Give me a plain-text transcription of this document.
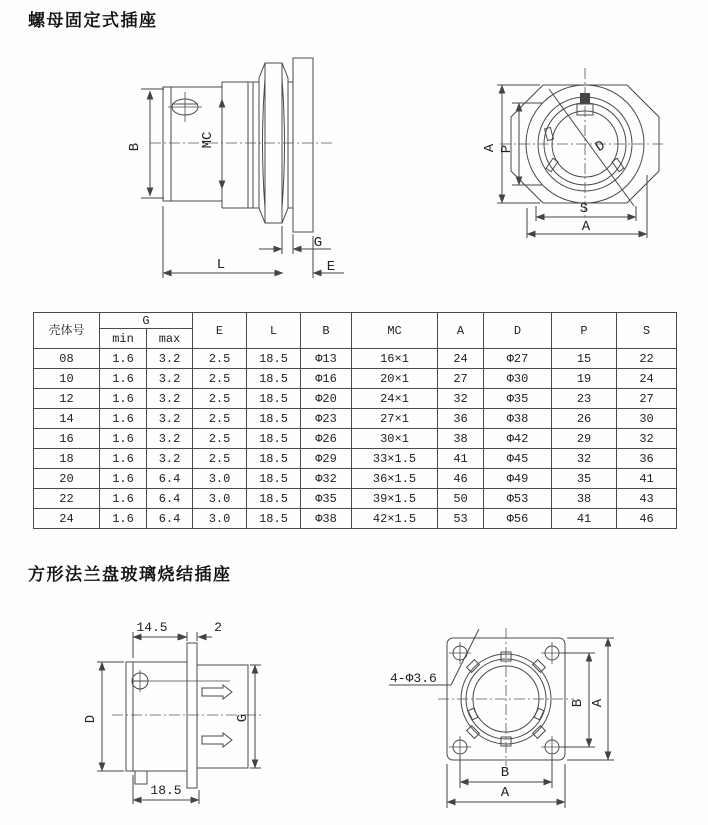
螺母固定式插座
B	MC
G
L	E
A P	D
S
A
壳体号	G		E	L	B	MC	A	D	P	S
	min	max								
08	1.6	3.2	2.5	18.5	Φ13	16×1	24	Φ27	15	22
10	1.6	3.2	2.5	18.5	Φ16	20×1	27	Φ30	19	24
12	1.6	3.2	2.5	18.5	Φ20	24×1	32	Φ35	23	27
14	1.6	3.2	2.5	18.5	Φ23	27×1	36	Φ38	26	30
16	1.6	3.2	2.5	18.5	Φ26	30×1	38	Φ42	29	32
18	1.6	3.2	2.5	18.5	Φ29	33×1.5	41	Φ45	32	36
20	1.6	6.4	3.0	18.5	Φ32	36×1.5	46	Φ49	35	41
22	1.6	6.4	3.0	18.5	Φ35	39×1.5	50	Φ53	38	43
24	1.6	6.4	3.0	18.5	Φ38	42×1.5	53	Φ56	41	46
方形法兰盘玻璃烧结插座
14.5	2
D	G
18.5
4-Φ3.6
B A
B
A
